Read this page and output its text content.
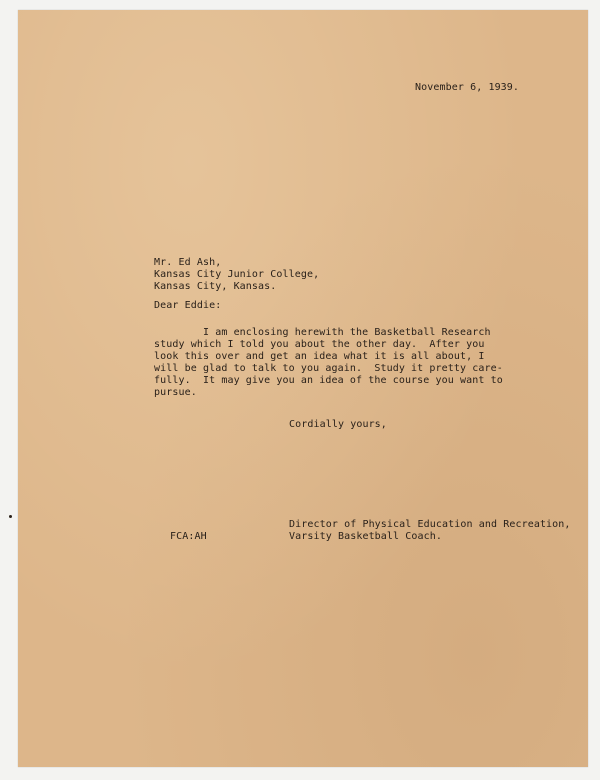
November 6, 1939.

Mr. Ed Ash,
Kansas City Junior College,
Kansas City, Kansas.

Dear Eddie:

I am enclosing herewith the Basketball Research
study which I told you about the other day.  After you
look this over and get an idea what it is all about, I
will be glad to talk to you again.  Study it pretty care-
fully.  It may give you an idea of the course you want to
pursue.

Cordially yours,

FCA:AH

Director of Physical Education and Recreation,
Varsity Basketball Coach.
